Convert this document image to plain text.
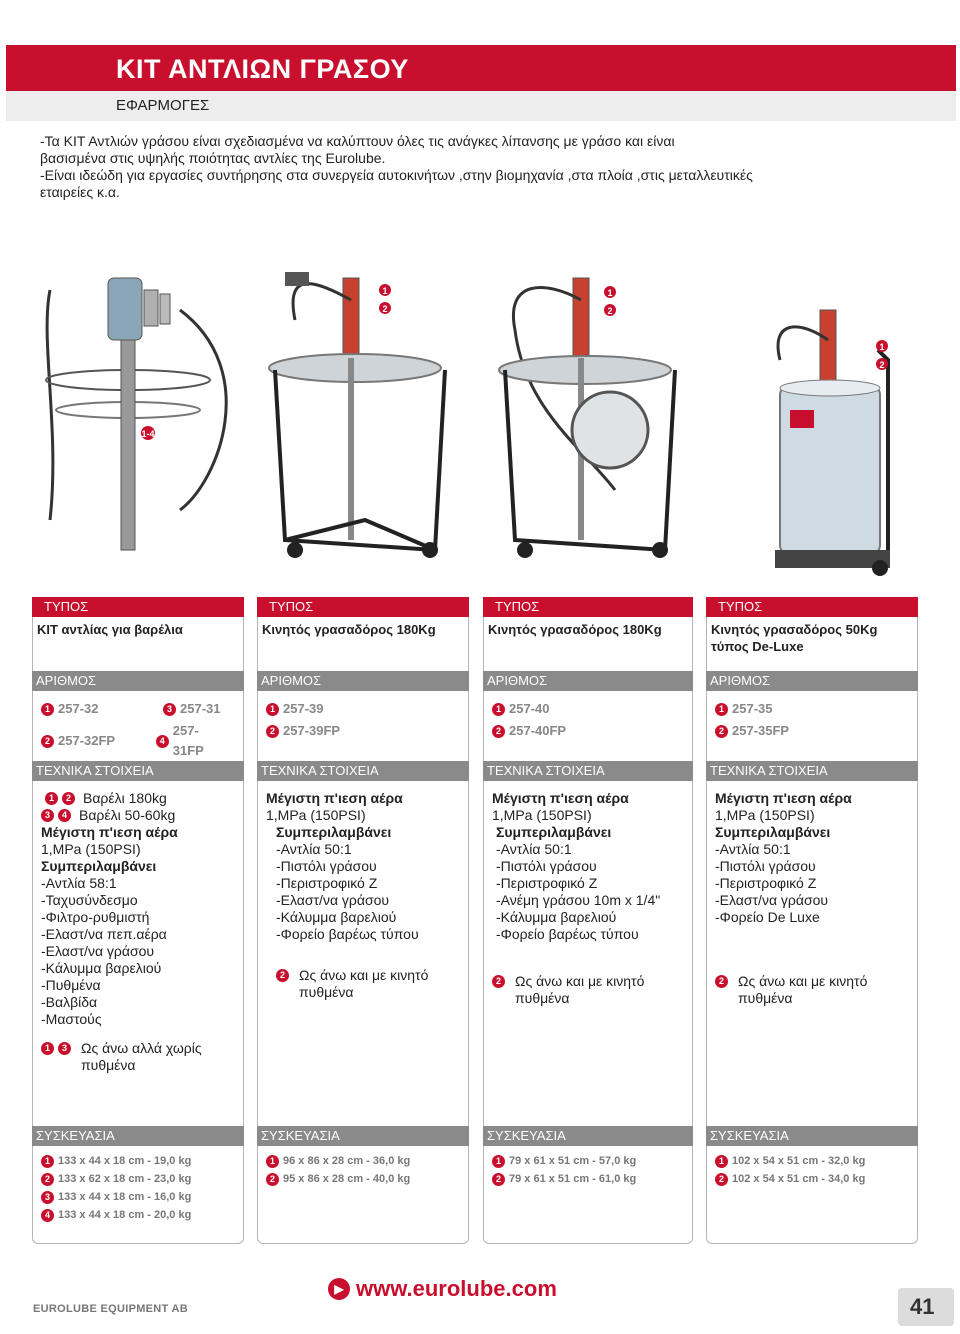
ΚΙΤ ΑΝΤΛΙΩΝ ΓΡΑΣΟΥ
ΕΦΑΡΜΟΓΕΣ
-Τα ΚΙΤ Αντλιών γράσου είναι σχεδιασμένα να καλύπτουν όλες τις ανάγκες λίπανσης με γράσο και είναι
βασισμένα στις υψηλής ποιότητας αντλίες της Eurolube.
-Είναι ιδεώδη για εργασίες συντήρησης στα συνεργεία αυτοκινήτων ,στην βιομηχανία ,στα πλοία ,στις μεταλλευτικές
εταιρείες κ.α.
1-4
1
2
1
2
1
2
ΤΥΠΟΣ
ΚΙΤ αντλίας για βαρέλια
ΑΡΙΘΜΟΣ
1 257-32	3 257-31
2 257-32FP	4
257-31FP
ΤΕΧΝΙΚΑ ΣΤΟΙΧΕΙΑ
1	2 Βαρέλι 180kg
3	4 Βαρέλι 50-60kg
Μέγιστη π'ιεση αέρα
1,MPa (150PSI)
Συμπεριλαμβάνει
-Αντλία 58:1
-Ταχυσύνδεσμο
-Φιλτρο-ρυθμιστή
-Ελαστ/να πεπ.αέρα
-Ελαστ/να γράσου
-Κάλυμμα βαρελιού
-Πυθμένα
-Βαλβίδα
-Μαστούς
1	3 Ως άνω αλλά χωρίς πυθμένα
ΣΥΣΚΕΥΑΣΙΑ
1 133 x 44 x 18 cm - 19,0 kg
2 133 x 62 x 18 cm - 23,0 kg
3 133 x 44 x 18 cm - 16,0 kg
4 133 x 44 x 18 cm - 20,0 kg
ΤΥΠΟΣ
Κινητός γρασαδόρος 180Kg
ΑΡΙΘΜΟΣ
1 257-39
2 257-39FP
ΤΕΧΝΙΚΑ ΣΤΟΙΧΕΙΑ
Μέγιστη π'ιεση αέρα
1,MPa (150PSI)
Συμπεριλαμβάνει
-Αντλία 50:1
-Πιστόλι γράσου
-Περιστροφικό Ζ
-Ελαστ/να γράσου
-Κάλυμμα βαρελιού
-Φορείο βαρέως τύπου
2 Ως άνω και με κινητό πυθμένα
ΣΥΣΚΕΥΑΣΙΑ
1 96 x 86 x 28 cm - 36,0 kg
2 95 x 86 x 28 cm - 40,0 kg
ΤΥΠΟΣ
Κινητός γρασαδόρος 180Kg
ΑΡΙΘΜΟΣ
1 257-40
2 257-40FP
ΤΕΧΝΙΚΑ ΣΤΟΙΧΕΙΑ
Μέγιστη π'ιεση αέρα
1,MPa (150PSI)
Συμπεριλαμβάνει
-Αντλία 50:1
-Πιστόλι γράσου
-Περιστροφικό Ζ
-Ανέμη γράσου 10m x 1/4"
-Κάλυμμα βαρελιού
-Φορείο βαρέως τύπου
2 Ως άνω και με κινητό πυθμένα
ΣΥΣΚΕΥΑΣΙΑ
1 79 x 61 x 51 cm - 57,0 kg
2 79 x 61 x 51 cm - 61,0 kg
ΤΥΠΟΣ
Κινητός γρασαδόρος 50Kg τύπος De-Luxe
ΑΡΙΘΜΟΣ
1 257-35
2 257-35FP
ΤΕΧΝΙΚΑ ΣΤΟΙΧΕΙΑ
Μέγιστη π'ιεση αέρα
1,MPa (150PSI)
Συμπεριλαμβάνει
-Αντλία 50:1
-Πιστόλι γράσου
-Περιστροφικό Ζ
-Ελαστ/να γράσου
-Φορείο De Luxe
2 Ως άνω και με κινητό πυθμένα
ΣΥΣΚΕΥΑΣΙΑ
1 102 x 54 x 51 cm - 32,0 kg
2 102 x 54 x 51 cm - 34,0 kg
▶ www.eurolube.com
EUROLUBE EQUIPMENT AB	41
